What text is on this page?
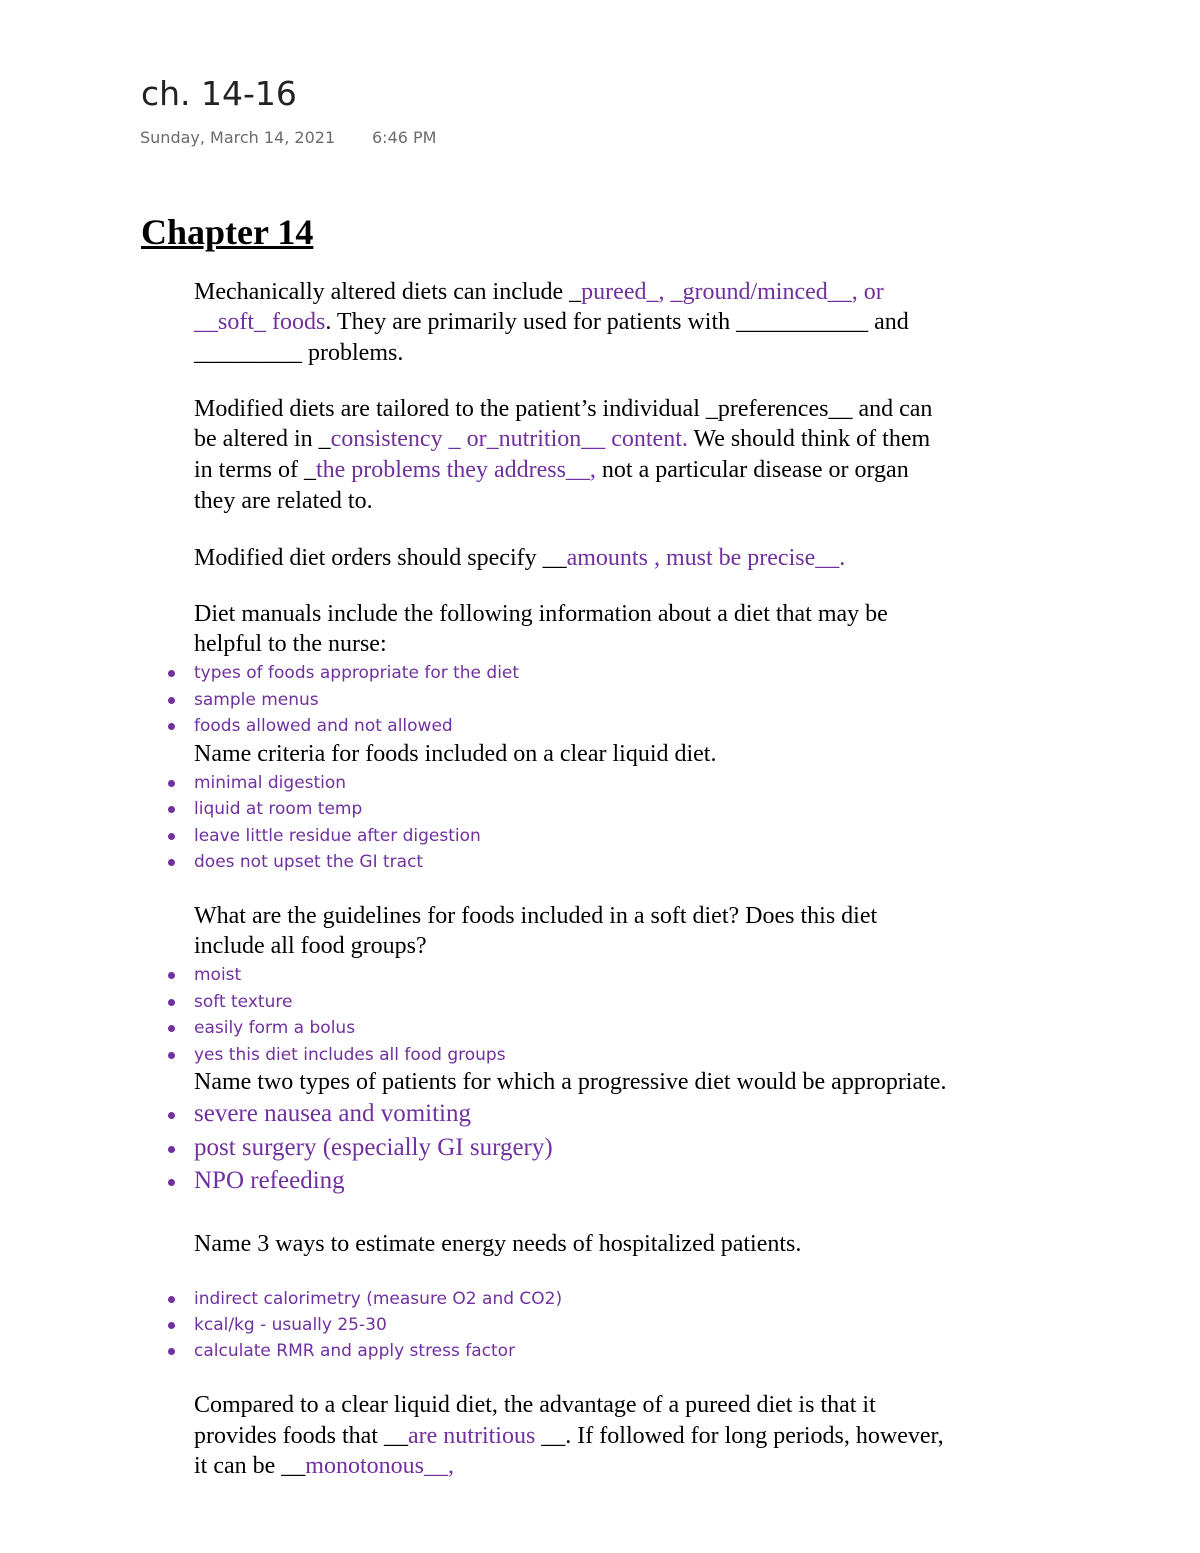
ch. 14-16
Sunday, March 14, 2021 6:46 PM
Chapter 14
Mechanically altered diets can include _pureed_, _ground/minced__, or
__soft_ foods. They are primarily used for patients with ___________ and
_________ problems.
Modified diets are tailored to the patient’s individual _preferences__ and can
be altered in _consistency _ or_nutrition__ content. We should think of them
in terms of _the problems they address__, not a particular disease or organ
they are related to.
Modified diet orders should specify __amounts , must be precise__.
Diet manuals include the following information about a diet that may be
helpful to the nurse:
types of foods appropriate for the diet
sample menus
foods allowed and not allowed
Name criteria for foods included on a clear liquid diet.
minimal digestion
liquid at room temp
leave little residue after digestion
does not upset the GI tract
What are the guidelines for foods included in a soft diet? Does this diet
include all food groups?
moist
soft texture
easily form a bolus
yes this diet includes all food groups
Name two types of patients for which a progressive diet would be appropriate.
severe nausea and vomiting
post surgery (especially GI surgery)
NPO refeeding
Name 3 ways to estimate energy needs of hospitalized patients.
indirect calorimetry (measure O2 and CO2)
kcal/kg - usually 25-30
calculate RMR and apply stress factor
Compared to a clear liquid diet, the advantage of a pureed diet is that it
provides foods that __are nutritious __. If followed for long periods, however,
it can be __monotonous__,
